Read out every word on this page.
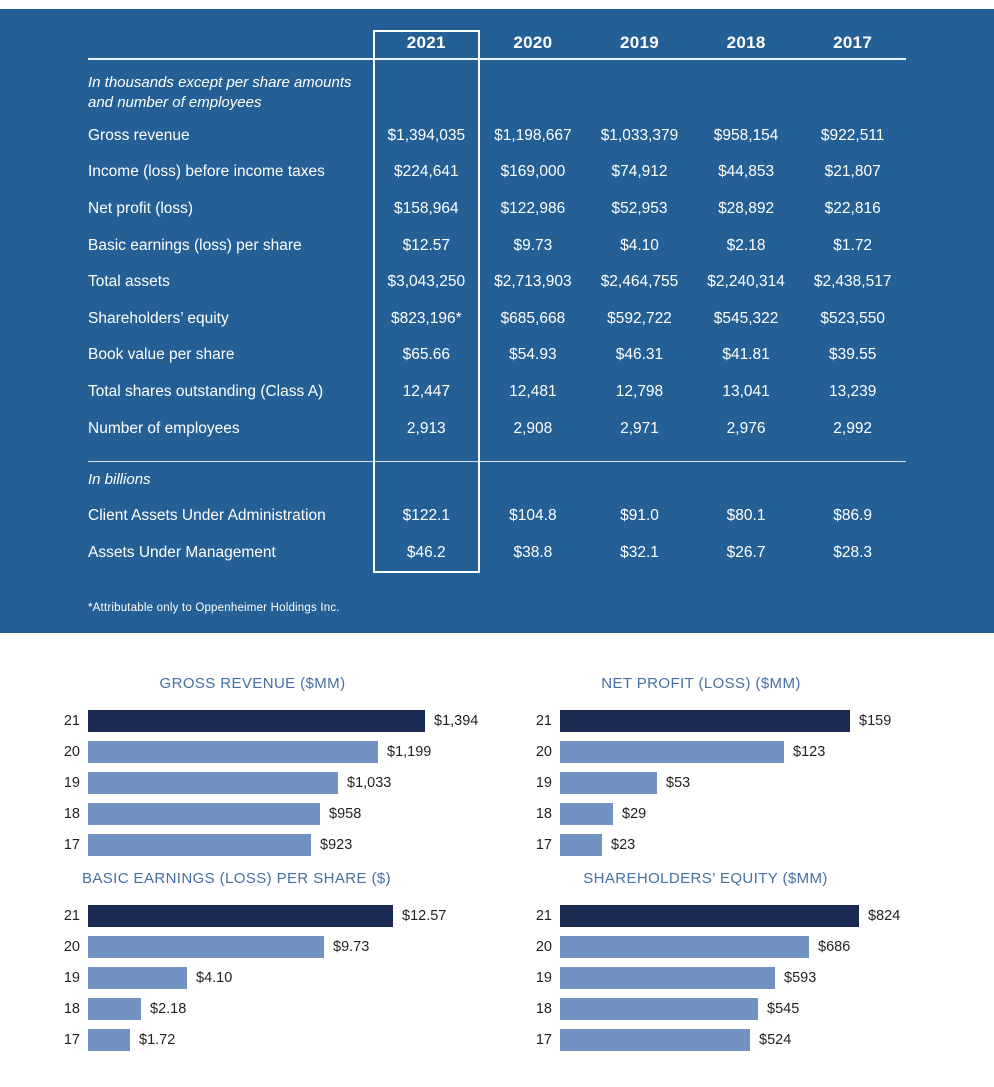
2021	2020	2019	2018	2017
In thousands except per share amounts and number of employees
Gross revenue	$1,394,035	$1,198,667	$1,033,379	$958,154	$922,511
Income (loss) before income taxes	$224,641	$169,000	$74,912	$44,853	$21,807
Net profit (loss)	$158,964	$122,986	$52,953	$28,892	$22,816
Basic earnings (loss) per share	$12.57	$9.73	$4.10	$2.18	$1.72
Total assets	$3,043,250	$2,713,903	$2,464,755	$2,240,314	$2,438,517
Shareholders’ equity	$823,196*	$685,668	$592,722	$545,322	$523,550
Book value per share	$65.66	$54.93	$46.31	$41.81	$39.55
Total shares outstanding (Class A)	12,447	12,481	12,798	13,041	13,239
Number of employees	2,913	2,908	2,971	2,976	2,992
In billions
Client Assets Under Administration	$122.1	$104.8	$91.0	$80.1	$86.9
Assets Under Management	$46.2	$38.8	$32.1	$26.7	$28.3
*Attributable only to Oppenheimer Holdings Inc.
GROSS REVENUE ($MM)
21	$1,394
20	$1,199
19	$1,033
18	$958
17	$923
NET PROFIT (LOSS) ($MM)
21	$159
20	$123
19	$53
18	$29
17	$23
BASIC EARNINGS (LOSS) PER SHARE ($)
21	$12.57
20	$9.73
19	$4.10
18	$2.18
17	$1.72
SHAREHOLDERS’ EQUITY ($MM)
21	$824
20	$686
19	$593
18	$545
17	$524
